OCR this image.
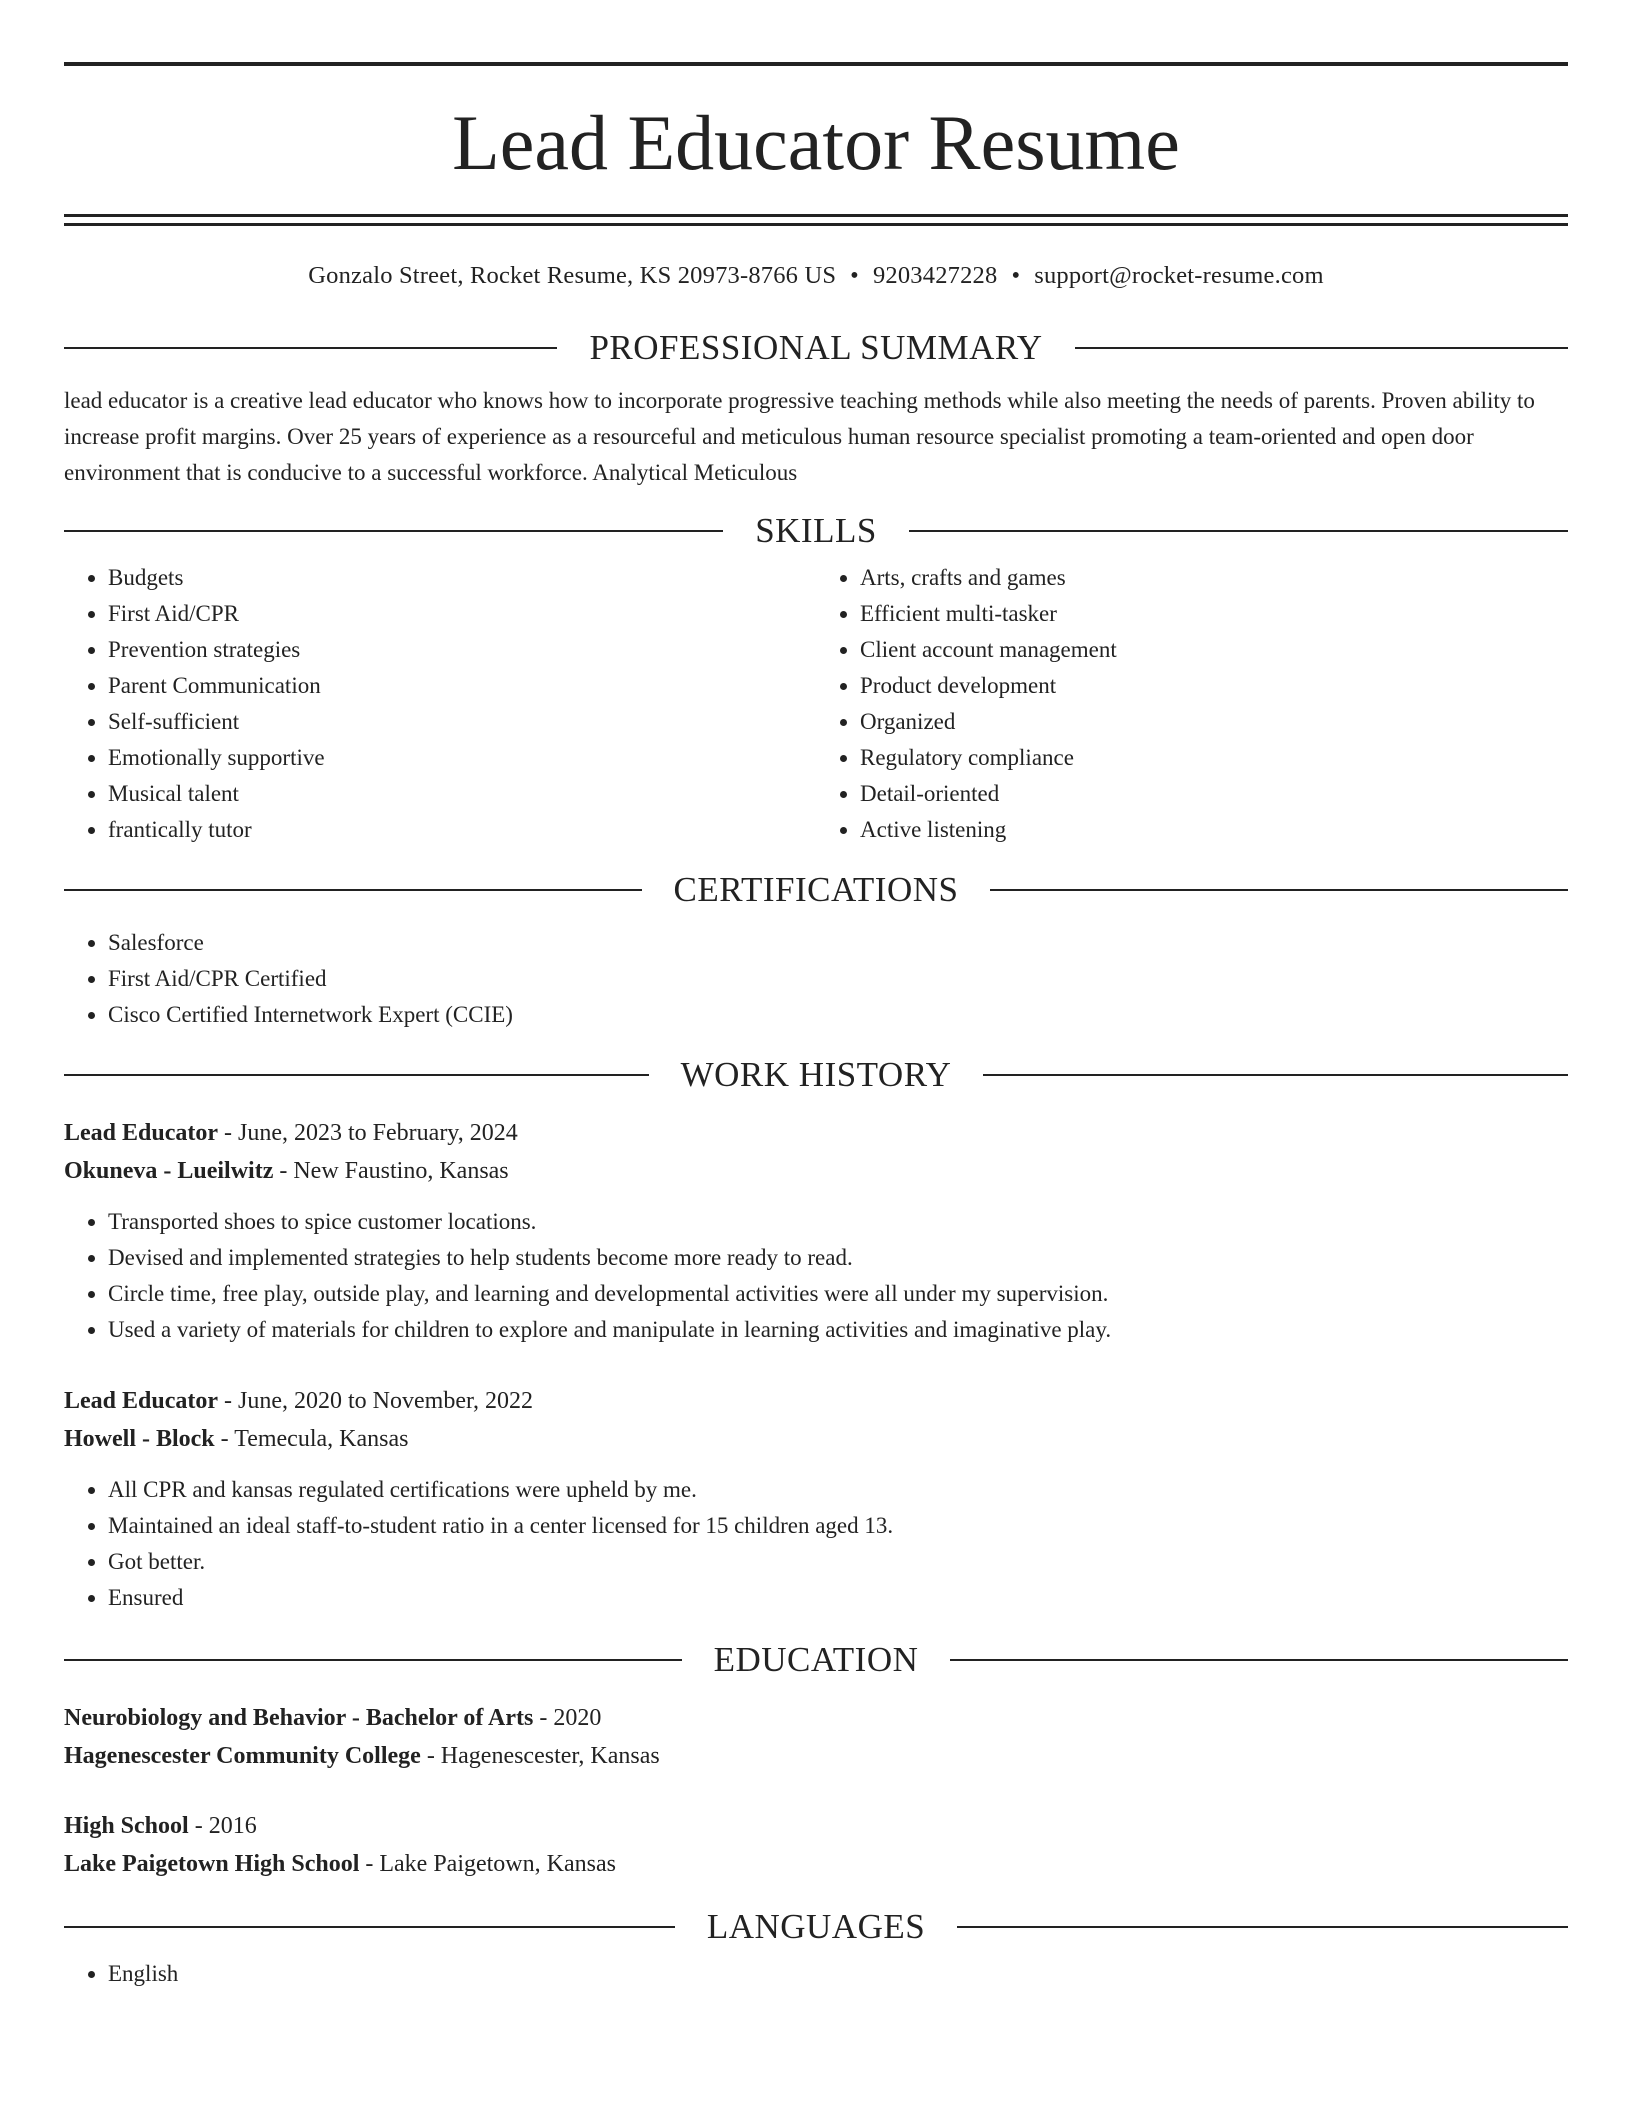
Lead Educator Resume
Gonzalo Street, Rocket Resume, KS 20973-8766 US • 9203427228 • support@rocket-resume.com
PROFESSIONAL SUMMARY

lead educator is a creative lead educator who knows how to incorporate progressive teaching methods while also meeting the needs of parents. Proven ability to increase profit margins. Over 25 years of experience as a resourceful and meticulous human resource specialist promoting a team-oriented and open door environment that is conducive to a successful workforce. Analytical Meticulous

SKILLS
• Budgets
• First Aid/CPR
• Prevention strategies
• Parent Communication
• Self-sufficient
• Emotionally supportive
• Musical talent
• frantically tutor
• Arts, crafts and games
• Efficient multi-tasker
• Client account management
• Product development
• Organized
• Regulatory compliance
• Detail-oriented
• Active listening
CERTIFICATIONS
• Salesforce
• First Aid/CPR Certified
• Cisco Certified Internetwork Expert (CCIE)
WORK HISTORY
Lead Educator - June, 2023 to February, 2024
Okuneva - Lueilwitz - New Faustino, Kansas
• Transported shoes to spice customer locations.
• Devised and implemented strategies to help students become more ready to read.
• Circle time, free play, outside play, and learning and developmental activities were all under my supervision.
• Used a variety of materials for children to explore and manipulate in learning activities and imaginative play.
Lead Educator - June, 2020 to November, 2022
Howell - Block - Temecula, Kansas
• All CPR and kansas regulated certifications were upheld by me.
• Maintained an ideal staff-to-student ratio in a center licensed for 15 children aged 13.
• Got better.
• Ensured
EDUCATION
Neurobiology and Behavior - Bachelor of Arts - 2020
Hagenescester Community College - Hagenescester, Kansas
High School - 2016
Lake Paigetown High School - Lake Paigetown, Kansas
LANGUAGES
• English
